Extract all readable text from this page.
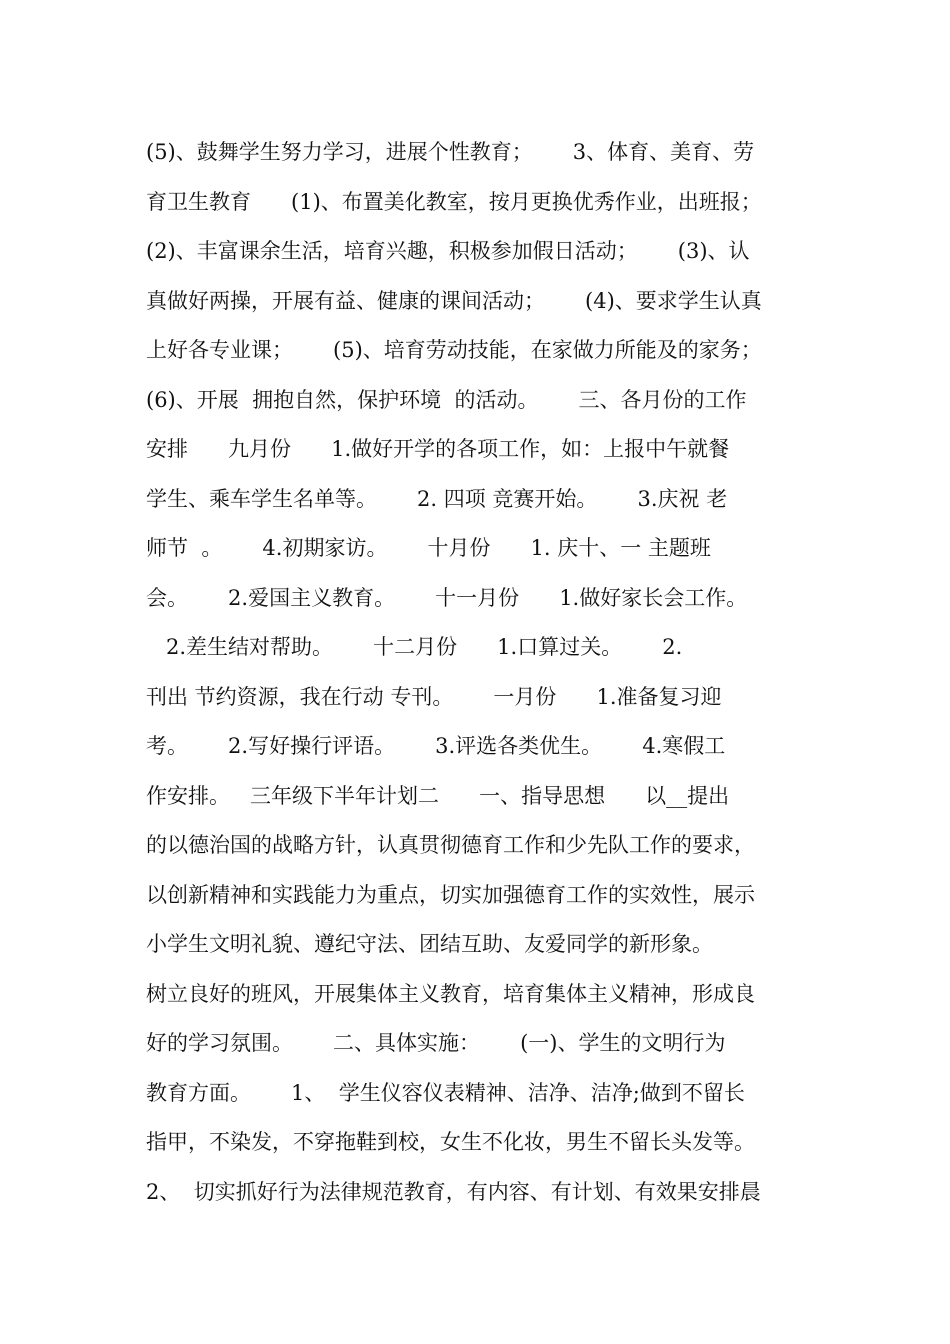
(5)、鼓舞学生努力学习，进展个性教育；      3、体育、美育、劳
育卫生教育      (1)、布置美化教室，按月更换优秀作业，出班报；
(2)、丰富课余生活，培育兴趣，积极参加假日活动；      (3)、认
真做好两操，开展有益、健康的课间活动；      (4)、要求学生认真
上好各专业课；      (5)、培育劳动技能，在家做力所能及的家务；
(6)、开展  拥抱自然，保护环境  的活动。      三、各月份的工作
安排      九月份      1.做好开学的各项工作，如：上报中午就餐
学生、乘车学生名单等。      2. 四项 竞赛开始。      3.庆祝 老
师节  。      4.初期家访。      十月份      1. 庆十、一 主题班
会。      2.爱国主义教育。      十一月份      1.做好家长会工作。
2.差生结对帮助。      十二月份      1.口算过关。      2.
刊出 节约资源，我在行动 专刊。      一月份      1.准备复习迎
考。      2.写好操行评语。      3.评选各类优生。      4.寒假工
作安排。   三年级下半年计划二      一、指导思想      以__提出
的以德治国的战略方针，认真贯彻德育工作和少先队工作的要求，
以创新精神和实践能力为重点，切实加强德育工作的实效性，展示
小学生文明礼貌、遵纪守法、团结互助、友爱同学的新形象。
树立良好的班风，开展集体主义教育，培育集体主义精神，形成良
好的学习氛围。      二、具体实施：      (一)、学生的文明行为
教育方面。      1、  学生仪容仪表精神、洁净、洁净;做到不留长
指甲，不染发，不穿拖鞋到校，女生不化妆，男生不留长头发等。
2、  切实抓好行为法律规范教育，有内容、有计划、有效果安排晨
